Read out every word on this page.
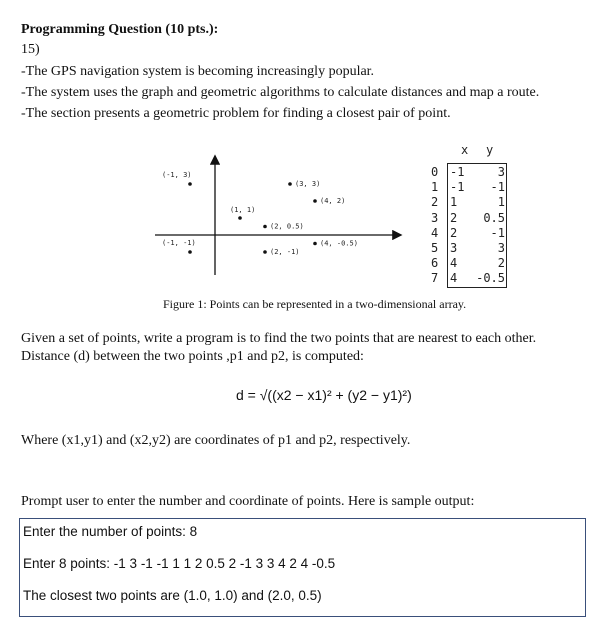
Programming Question (10 pts.):
15)
-The GPS navigation system is becoming increasingly popular.
-The system uses the graph and geometric algorithms to calculate distances and map a route.
-The section presents a geometric problem for finding a closest pair of point.
(-1, 3)
(3, 3)
(4, 2)
(1, 1)
(2, 0.5)
(4, -0.5)
(-1, -1)
(2, -1)
x y
0 -1	3
1 -1 -1
2 1	1
3 2 0.5
4 2	-1
5 3	3
6 4	2
7 4 -0.5
Figure 1: Points can be represented in a two-dimensional array.
Given a set of points, write a program is to find the two points that are nearest to each other.
Distance (d) between the two points ,p1 and p2, is computed:
d = √((x2 − x1)² + (y2 − y1)²)
Where (x1,y1) and (x2,y2) are coordinates of p1 and p2, respectively.
Prompt user to enter the number and coordinate of points. Here is sample output:
Enter the number of points: 8
Enter 8 points: -1 3 -1 -1 1 1 2 0.5 2 -1 3 3 4 2 4 -0.5
The closest two points are (1.0, 1.0) and (2.0, 0.5)
